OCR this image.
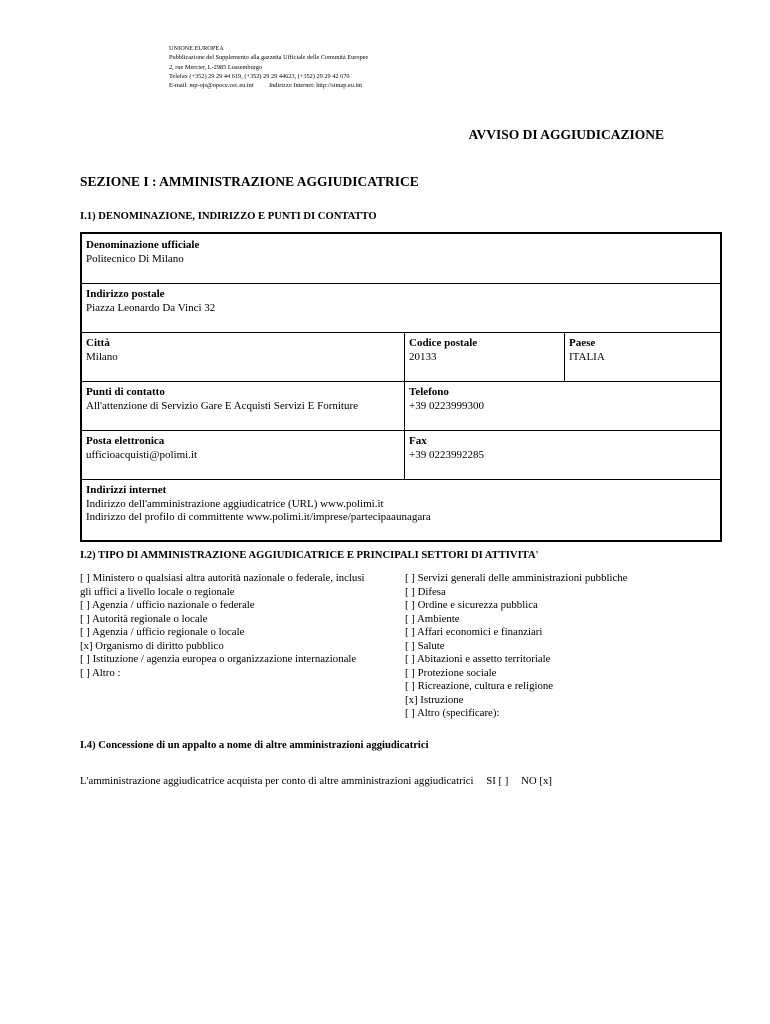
UNIONE EUROPEA
Pubblicazione del Supplemento alla gazzetta Ufficiale delle Comunità Europee
2, rue Mercier, L-2985 Lussemburgo
Telefax (+352) 29 29 44 619, (+352) 29 29 44623, (+352) 29 29 42 670
E-mail: mp-ojs@opoce.cec.eu.int Indirizzo Internet: http://simap.eu.int
AVVISO DI AGGIUDICAZIONE
SEZIONE I : AMMINISTRAZIONE AGGIUDICATRICE
I.1) DENOMINAZIONE, INDIRIZZO E PUNTI DI CONTATTO
Denominazione ufficiale
Politecnico Di Milano
Indirizzo postale
Piazza Leonardo Da Vinci 32
Città
Milano
Codice postale
20133
Paese
ITALIA
Punti di contatto
All'attenzione di Servizio Gare E Acquisti Servizi E Forniture
Telefono
+39 0223999300
Posta elettronica
ufficioacquisti@polimi.it
Fax
+39 0223992285
Indirizzi internet
Indirizzo dell'amministrazione aggiudicatrice (URL) www.polimi.it
Indirizzo del profilo di committente www.polimi.it/imprese/partecipaaunagara
I.2) TIPO DI AMMINISTRAZIONE AGGIUDICATRICE E PRINCIPALI SETTORI DI ATTIVITA'
[ ] Ministero o qualsiasi altra autorità nazionale o federale, inclusi
gli uffici a livello locale o regionale
[ ] Agenzia / ufficio nazionale o federale
[ ] Autorità regionale o locale
[ ] Agenzia / ufficio regionale o locale
[x] Organismo di diritto pubblico
[ ] Istituzione / agenzia europea o organizzazione internazionale
[ ] Altro :
[ ] Servizi generali delle amministrazioni pubbliche
[ ] Difesa
[ ] Ordine e sicurezza pubblica
[ ] Ambiente
[ ] Affari economici e finanziari
[ ] Salute
[ ] Abitazioni e assetto territoriale
[ ] Protezione sociale
[ ] Ricreazione, cultura e religione
[x] Istruzione
[ ] Altro (specificare):
I.4) Concessione di un appalto a nome di altre amministrazioni aggiudicatrici
L'amministrazione aggiudicatrice acquista per conto di altre amministrazioni aggiudicatrici SI [ ] NO [x]
